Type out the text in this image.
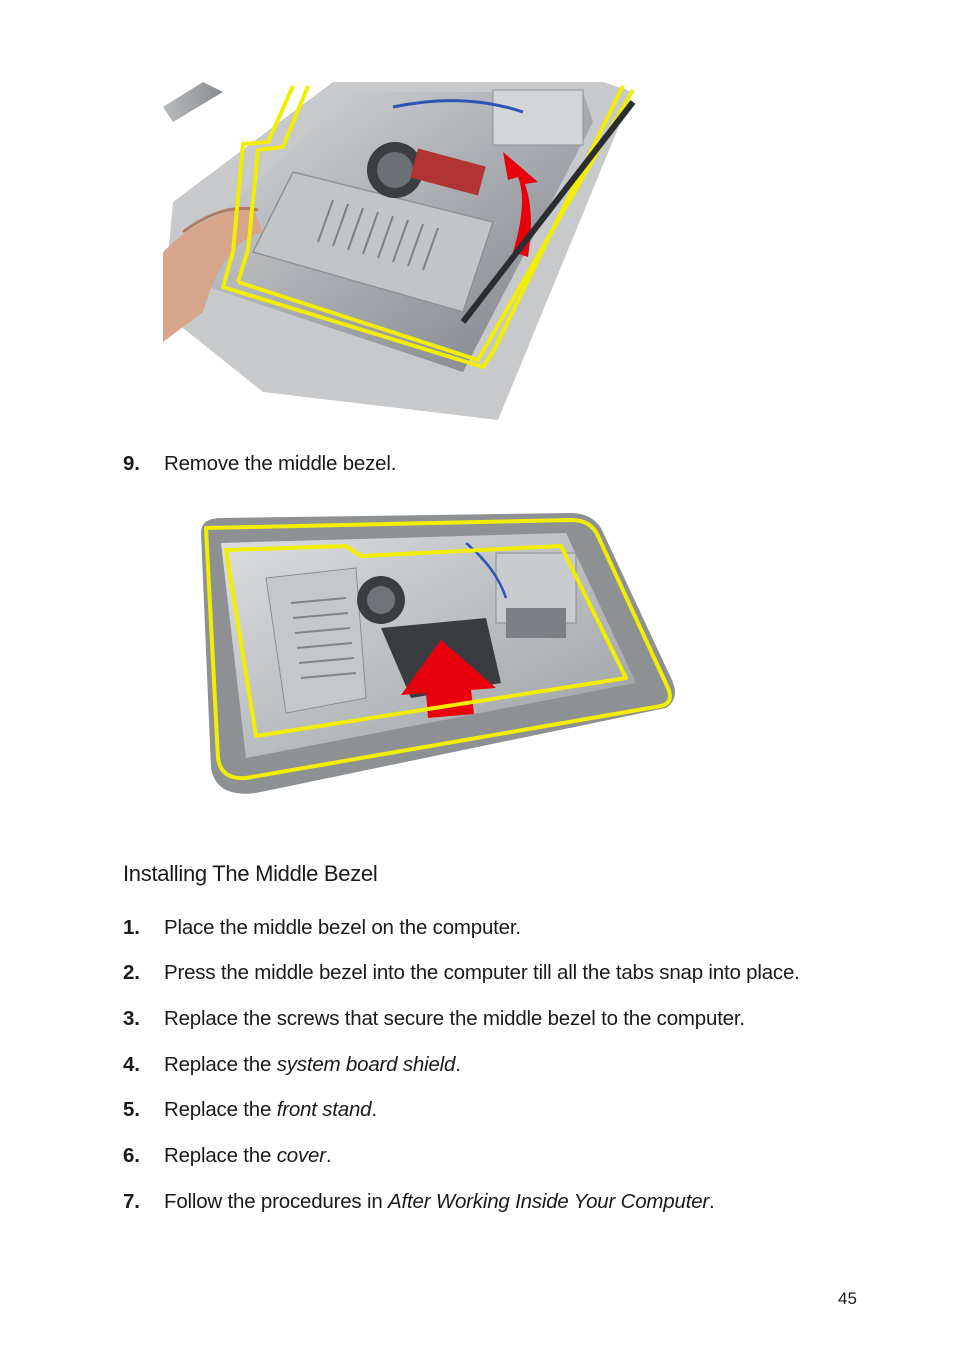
9. Remove the middle bezel.
Installing The Middle Bezel
1. Place the middle bezel on the computer.
2. Press the middle bezel into the computer till all the tabs snap into place.
3. Replace the screws that secure the middle bezel to the computer.
4. Replace the system board shield.
5. Replace the front stand.
6. Replace the cover.
7. Follow the procedures in After Working Inside Your Computer.
45
